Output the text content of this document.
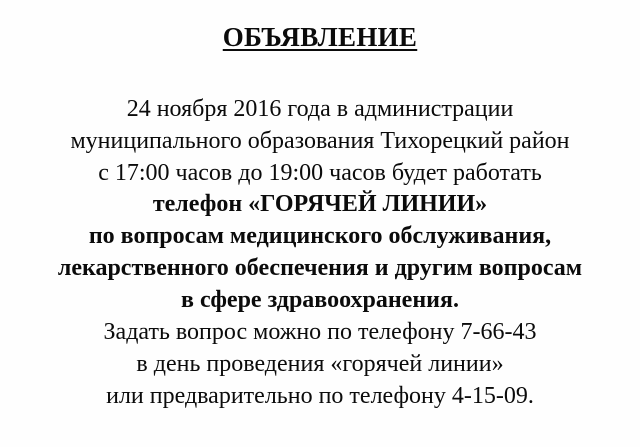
ОБЪЯВЛЕНИЕ
24 ноября 2016 года в администрации
муниципального образования Тихорецкий район
с 17:00 часов до 19:00 часов будет работать
телефон «ГОРЯЧЕЙ ЛИНИИ»
по вопросам медицинского обслуживания,
лекарственного обеспечения и другим вопросам
в сфере здравоохранения.
Задать вопрос можно по телефону 7-66-43
в день проведения «горячей линии»
или предварительно по телефону 4-15-09.
